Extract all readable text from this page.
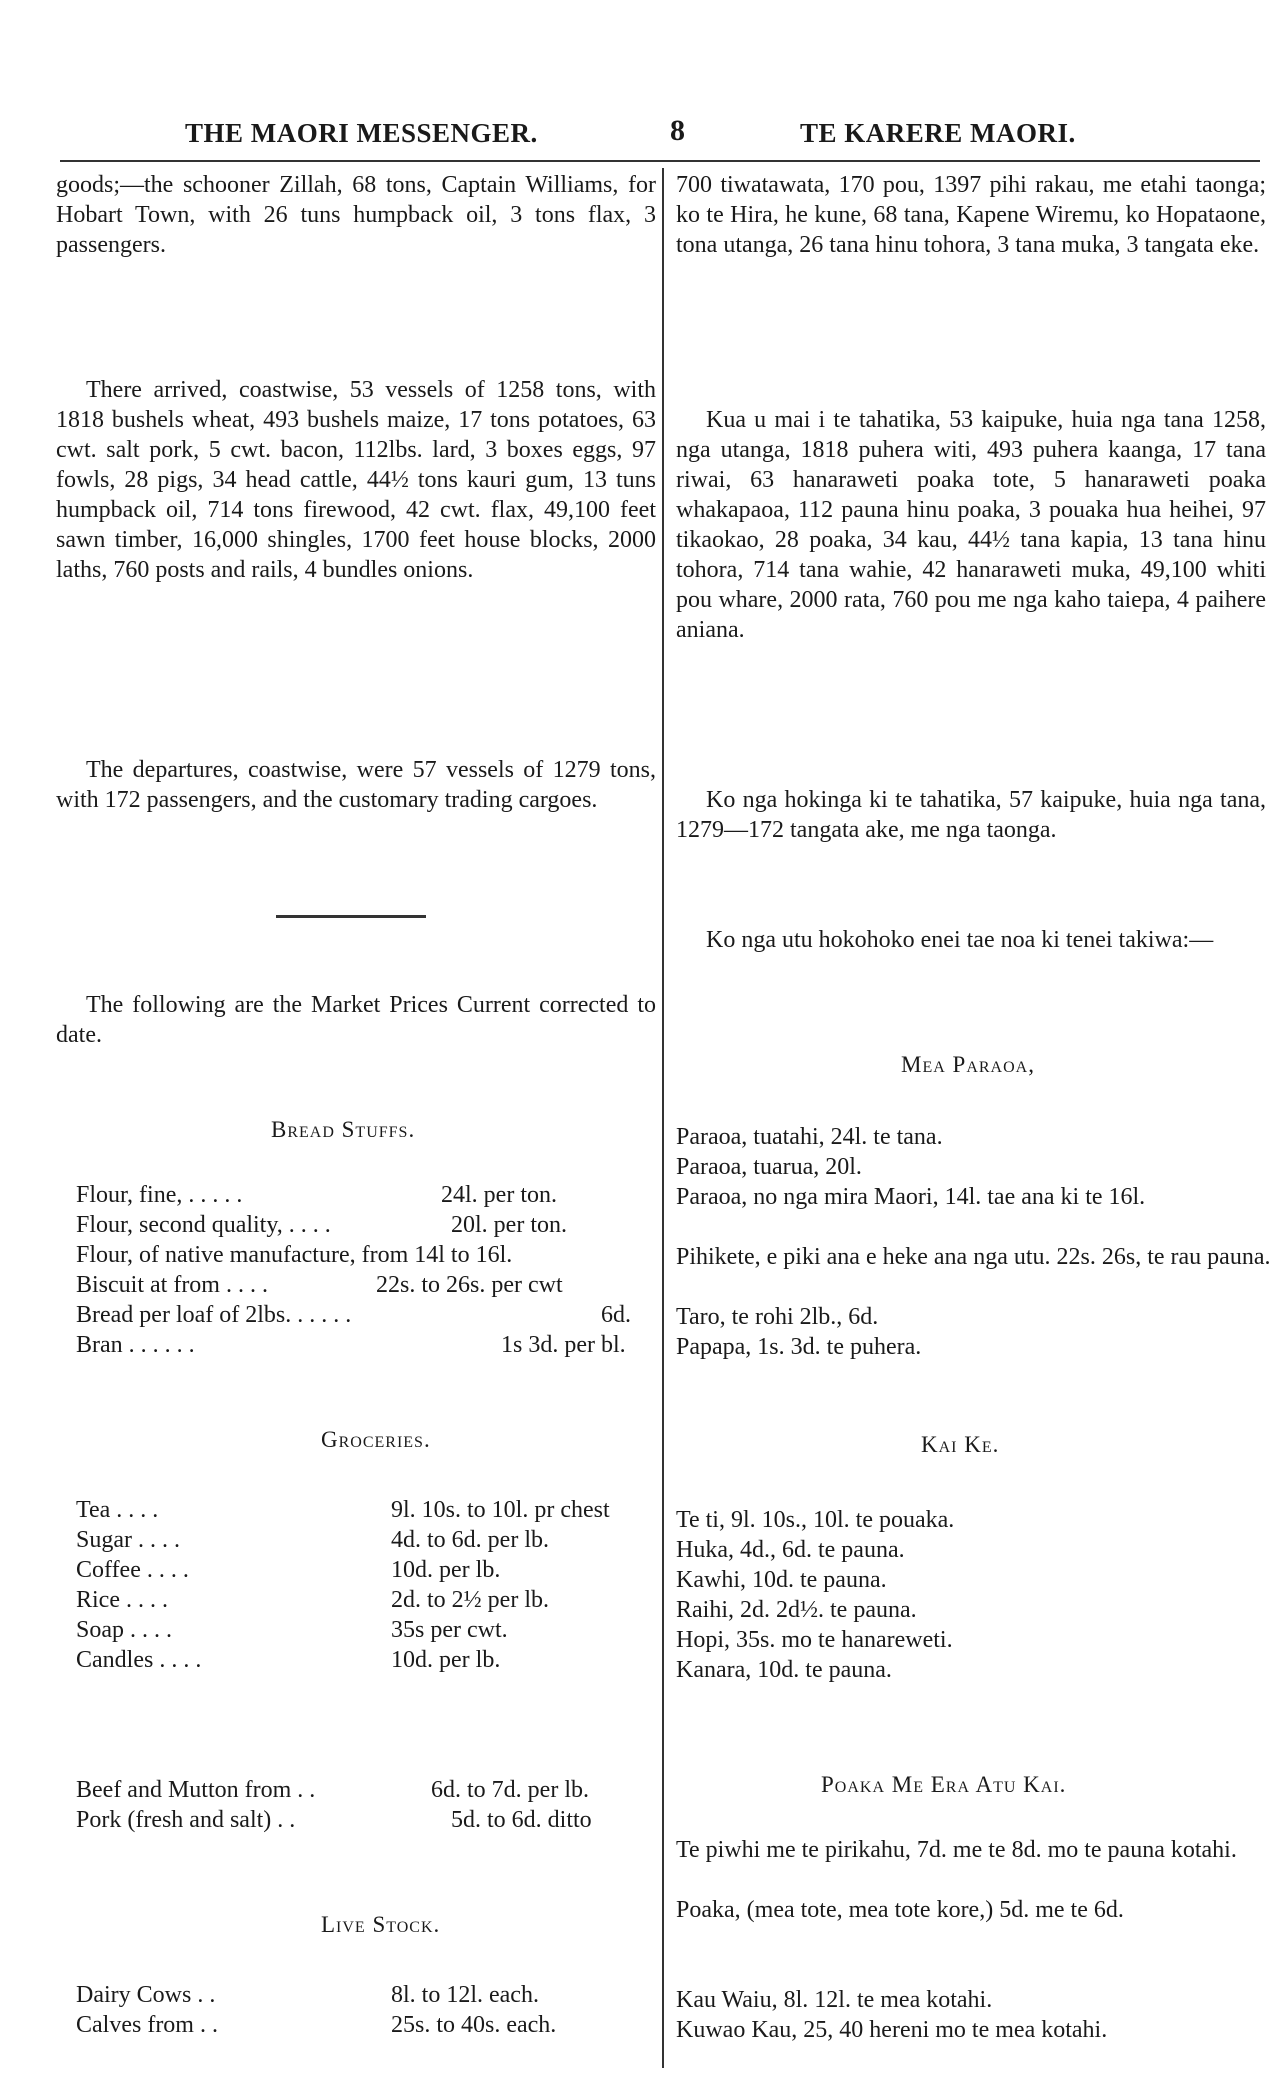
THE MAORI MESSENGER.	8	TE KARERE MAORI.
goods;—the schooner Zillah, 68 tons, Captain Williams, for Hobart Town, with 26 tuns humpback oil, 3 tons flax, 3 passengers.
There arrived, coastwise, 53 vessels of 1258 tons, with 1818 bushels wheat, 493 bushels maize, 17 tons potatoes, 63 cwt. salt pork, 5 cwt. bacon, 112lbs. lard, 3 boxes eggs, 97 fowls, 28 pigs, 34 head cattle, 44½ tons kauri gum, 13 tuns humpback oil, 714 tons firewood, 42 cwt. flax, 49,100 feet sawn timber, 16,000 shingles, 1700 feet house blocks, 2000 laths, 760 posts and rails, 4 bundles onions.
The departures, coastwise, were 57 vessels of 1279 tons, with 172 passengers, and the customary trading cargoes.
The following are the Market Prices Current corrected to date.
Bread Stuffs.
Flour, fine, . . . . .	24l. per ton.
Flour, second quality, . . . .	20l. per ton.
Flour, of native manufacture, from 14l to 16l.
Biscuit at from . . . .	22s. to 26s. per cwt
Bread per loaf of 2lbs. . . . . .	6d.
Bran . . . . . .	1s 3d. per bl.
Groceries.
Tea . . . .	9l. 10s. to 10l. pr chest
Sugar . . . .	4d. to 6d. per lb.
Coffee . . . .	10d. per lb.
Rice . . . .	2d. to 2½ per lb.
Soap . . . .	35s per cwt.
Candles . . . .	10d. per lb.
Beef and Mutton from . .	6d. to 7d. per lb.
Pork (fresh and salt) . .	5d. to 6d. ditto
Live Stock.
Dairy Cows . .	8l. to 12l. each.
Calves from . .	25s. to 40s. each.
700 tiwatawata, 170 pou, 1397 pihi rakau, me etahi taonga; ko te Hira, he kune, 68 tana, Kapene Wiremu, ko Hopataone, tona utanga, 26 tana hinu tohora, 3 tana muka, 3 tangata eke.
Kua u mai i te tahatika, 53 kaipuke, huia nga tana 1258, nga utanga, 1818 puhera witi, 493 puhera kaanga, 17 tana riwai, 63 hanaraweti poaka tote, 5 hanaraweti poaka whakapaoa, 112 pauna hinu poaka, 3 pouaka hua heihei, 97 tikaokao, 28 poaka, 34 kau, 44½ tana kapia, 13 tana hinu tohora, 714 tana wahie, 42 hanaraweti muka, 49,100 whiti pou whare, 2000 rata, 760 pou me nga kaho taiepa, 4 paihere aniana.
Ko nga hokinga ki te tahatika, 57 kaipuke, huia nga tana, 1279—172 tangata ake, me nga taonga.
Ko nga utu hokohoko enei tae noa ki tenei takiwa:—
Mea Paraoa,
Paraoa, tuatahi, 24l. te tana.
Paraoa, tuarua, 20l.
Paraoa, no nga mira Maori, 14l. tae ana ki te 16l.
Pihikete, e piki ana e heke ana nga utu. 22s. 26s, te rau pauna.
Taro, te rohi 2lb., 6d.
Papapa, 1s. 3d. te puhera.
Kai Ke.
Te ti, 9l. 10s., 10l. te pouaka.
Huka, 4d., 6d. te pauna.
Kawhi, 10d. te pauna.
Raihi, 2d. 2d½. te pauna.
Hopi, 35s. mo te hanareweti.
Kanara, 10d. te pauna.
Poaka Me Era Atu Kai.
Te piwhi me te pirikahu, 7d. me te 8d. mo te pauna kotahi.
Poaka, (mea tote, mea tote kore,) 5d. me te 6d.
Kau Waiu, 8l. 12l. te mea kotahi.
Kuwao Kau, 25, 40 hereni mo te mea kotahi.
